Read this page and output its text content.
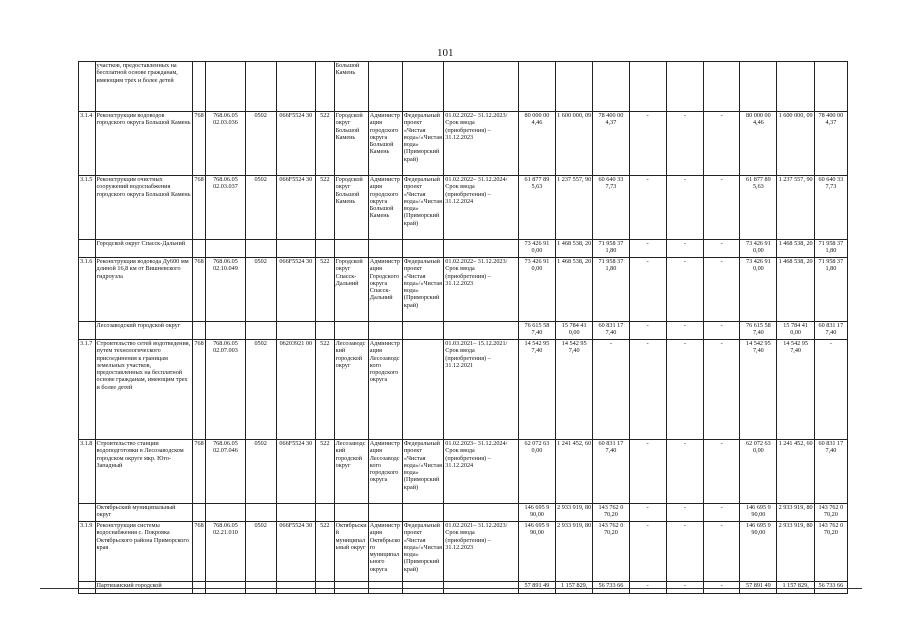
101
	участков, предоставленных на бесплатной основе гражданам, имеющим трех и более детей						Большой Камень												
3.1.4	Реконструкция водоводов городского округа Большой Камень	768	768.06.05 02.03.036	0502	066F5524 30	522	Городской округ Большой Камень	Администрация городского округа Большой Камень	Федеральный проект «Чистая вода»/«Чистая вода» (Приморский край)	01.02.2022– 31.12.2023/ Срок ввода (приобретения) – 31.12.2023	80 000 00 4,46	1 600 000, 09	78 400 00 4,37	-	-	-	80 000 00 4,46	1 600 000, 09	78 400 00 4,37
3.1.5	Реконструкция очистных сооружений водоснабжения городского округа Большой Камень	768	768.06.05 02.03.037	0502	066F5524 30	522	Городской округ Большой Камень	Администрация городского округа Большой Камень	Федеральный проект «Чистая вода»/«Чистая вода» (Приморский край)	01.02.2022– 31.12.2024/ Срок ввода (приобретения) – 31.12.2024	61 877 89 5,63	1 237 557, 90	60 640 33 7,73	-	-	-	61 877 89 5,63	1 237 557, 90	60 640 33 7,73
	Городской округ Спасск-Дальний										73 426 91 0,00	1 468 538, 20	71 958 37 1,80	-	-	-	73 426 91 0,00	1 468 538, 20	71 958 37 1,80
3.1.6	Реконструкция водовода Ду600 мм длиной 16,8 км от Вишневского гидроузла	768	768.06.05 02.10.049	0502	066F5524 30	522	Городской округ Спасск-Дальний	Администрация Городского округа Спасск-Дальний	Федеральный проект «Чистая вода»/«Чистая вода» (Приморский край)	01.02.2022– 31.12.2023/ Срок ввода (приобретения) – 31.12.2023	73 426 91 0,00	1 468 538, 20	71 958 37 1,80	-	-	-	73 426 91 0,00	1 468 538, 20	71 958 37 1,80
	Лесозаводский городской округ										76 615 58 7,40	15 784 41 0,00	60 831 17 7,40	-	-	-	76 615 58 7,40	15 784 41 0,00	60 831 17 7,40
3.1.7	Строительство сетей водотведения, путем технологического присоединения к границам земельных участков, предоставленных на бесплатной основе гражданам, имеющим трех и более детей	768	768.06.05 02.07.003	0502	06203921 00	522	Лесозаводский городской округ	Администрация Лесозаводского городского округа		01.03.2021– 15.12.2021/ Срок ввода (приобретения) – 31.12.2021	14 542 95 7,40	14 542 95 7,40	-	-	-	-	14 542 95 7,40	14 542 95 7,40	-
3.1.8	Строительство станции водоподготовки в Лесозаводском городском округе мкр. Юго-Западный	768	768.06.05 02.07.046	0502	066F5524 30	522	Лесозаводский городской округ	Администрация Лесозаводского городского округа	Федеральный проект «Чистая вода»/«Чистая вода» (Приморский край)	01.02.2023– 31.12.2024/ Срок ввода (приобретения) – 31.12.2024	62 072 63 0,00	1 241 452, 60	60 831 17 7,40	-	-	-	62 072 63 0,00	1 241 452, 60	60 831 17 7,40
	Октябрьский муниципальный округ										146 695 9 90,00	2 933 919, 80	143 762 0 70,20	-	-	-	146 695 9 90,00	2 933 919, 80	143 762 0 70,20
3.1.9	Реконструкция системы водоснабжения с. Покровка Октябрьского района Приморского края	768	768.06.05 02.21.010	0502	066F5524 30	522	Октябрьский муниципальный округ	Администрация Октябрьского муниципального округа	Федеральный проект «Чистая вода»/«Чистая вода» (Приморский край)	01.02.2021– 31.12.2023/ Срок ввода (приобретения) – 31.12.2023	146 695 9 90,00	2 933 919, 80	143 762 0 70,20	-	-	-	146 695 9 90,00	2 933 919, 80	143 762 0 70,20
	Партизанский городской										57 891 49	1 157 829,	56 733 66	-	-	-	57 891 49	1 157 829,	56 733 66
